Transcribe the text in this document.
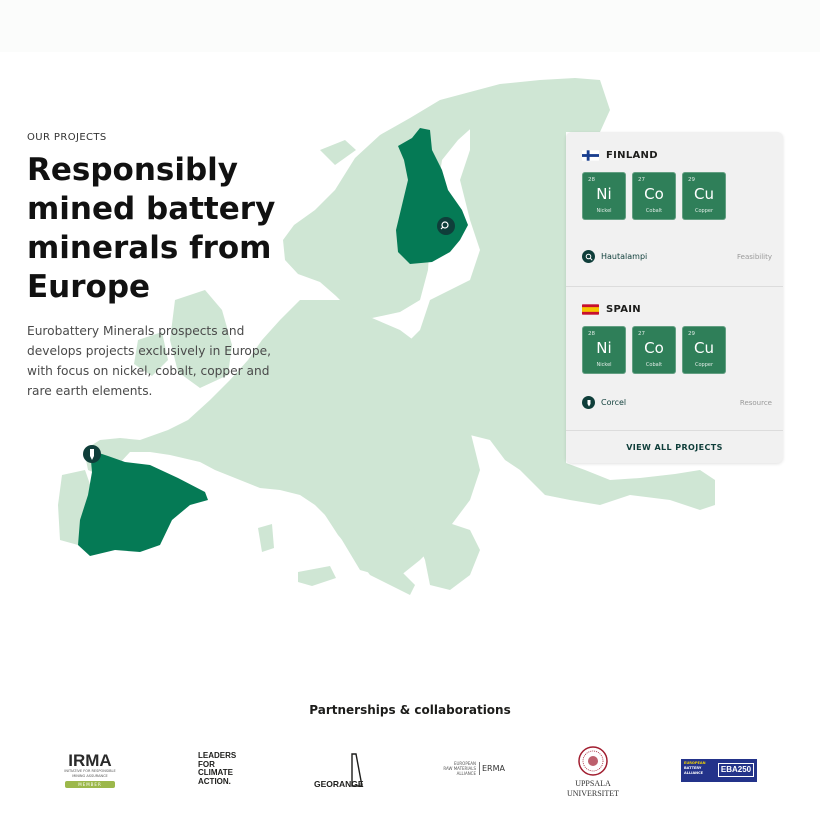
OUR PROJECTS

Responsibly mined battery minerals from Europe

Eurobattery Minerals prospects and develops projects exclusively in Europe, with focus on nickel, cobalt, copper and rare earth elements.

FINLAND
28
Ni
Nickel
27
Co
Cobalt
29
Cu
Copper
Hautalampi	Feasibility
SPAIN
28
Ni
Nickel
27
Co
Cobalt
29
Cu
Copper
Corcel	Resource
VIEW ALL PROJECTS
Partnerships & collaborations
IRMA
INITIATIVE FOR RESPONSIBLE
MINING ASSURANCE
MEMBER
LEADERS
FOR
CLIMATE
ACTION.	GEORANGE
EUROPEAN
RAW MATERIALS
ALLIANCE
ERMA
UPPSALA
UNIVERSITET
EUROPEAN
BATTERY
ALLIANCE	EBA250
